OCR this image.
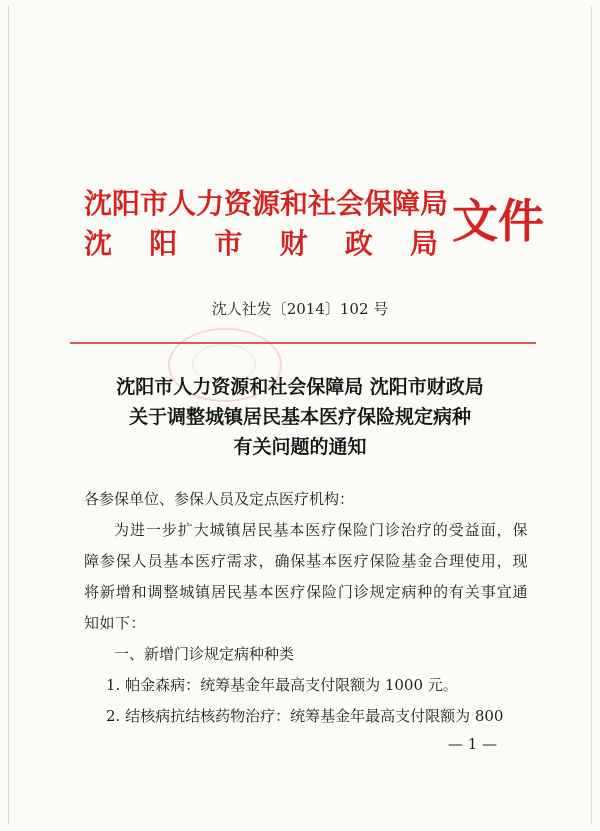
沈阳市人力资源和社会保障局
沈 阳 市 财 政 局 文件
沈人社发〔2014〕102 号
沈阳市人力资源和社会保障局 沈阳市财政局
关于调整城镇居民基本医疗保险规定病种
有关问题的通知
各参保单位、参保人员及定点医疗机构：
为进一步扩大城镇居民基本医疗保险门诊治疗的受益面，保障参保人员基本医疗需求，确保基本医疗保险基金合理使用，现将新增和调整城镇居民基本医疗保险门诊规定病种的有关事宜通知如下：
一、新增门诊规定病种种类
1. 帕金森病：统筹基金年最高支付限额为 1000 元。
2. 结核病抗结核药物治疗：统筹基金年最高支付限额为 800
— 1 —
